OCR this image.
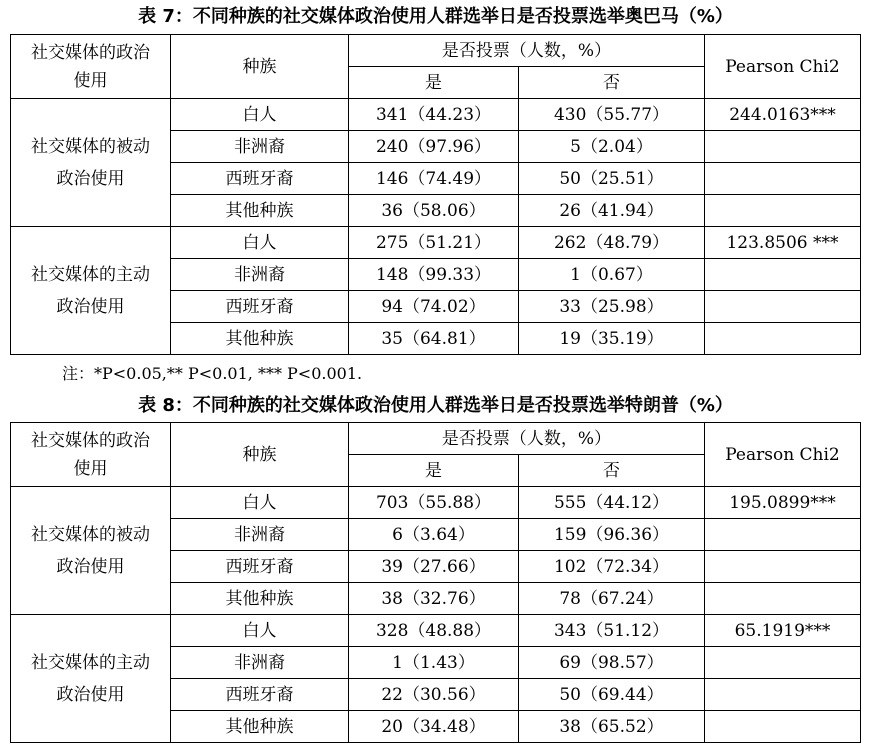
表 7：不同种族的社交媒体政治使用人群选举日是否投票选举奥巴马（%）
社交媒体的政治使用	种族	是否投票（人数，%）		Pearson Chi2
		是	否	

社交媒体的被动政治使用	白人	341（44.23）	430（55.77）	244.0163***
	非洲裔	240（97.96）	5（2.04）	
	西班牙裔	146（74.49）	50（25.51）	
	其他种族	36（58.06）	26（41.94）	

社交媒体的主动政治使用	白人	275（51.21）	262（48.79）	123.8506 ***
	非洲裔	148（99.33）	1（0.67）	
	西班牙裔	94（74.02）	33（25.98）	
	其他种族	35（64.81）	19（35.19）	
注：*P<0.05,** P<0.01, *** P<0.001.
表 8：不同种族的社交媒体政治使用人群选举日是否投票选举特朗普（%）
社交媒体的政治使用	种族	是否投票（人数，%）		Pearson Chi2
		是	否	

社交媒体的被动政治使用	白人	703（55.88）	555（44.12）	195.0899***
	非洲裔	6（3.64）	159（96.36）	
	西班牙裔	39（27.66）	102（72.34）	
	其他种族	38（32.76）	78（67.24）	

社交媒体的主动政治使用	白人	328（48.88）	343（51.12）	65.1919***
	非洲裔	1（1.43）	69（98.57）	
	西班牙裔	22（30.56）	50（69.44）	
	其他种族	20（34.48）	38（65.52）	
